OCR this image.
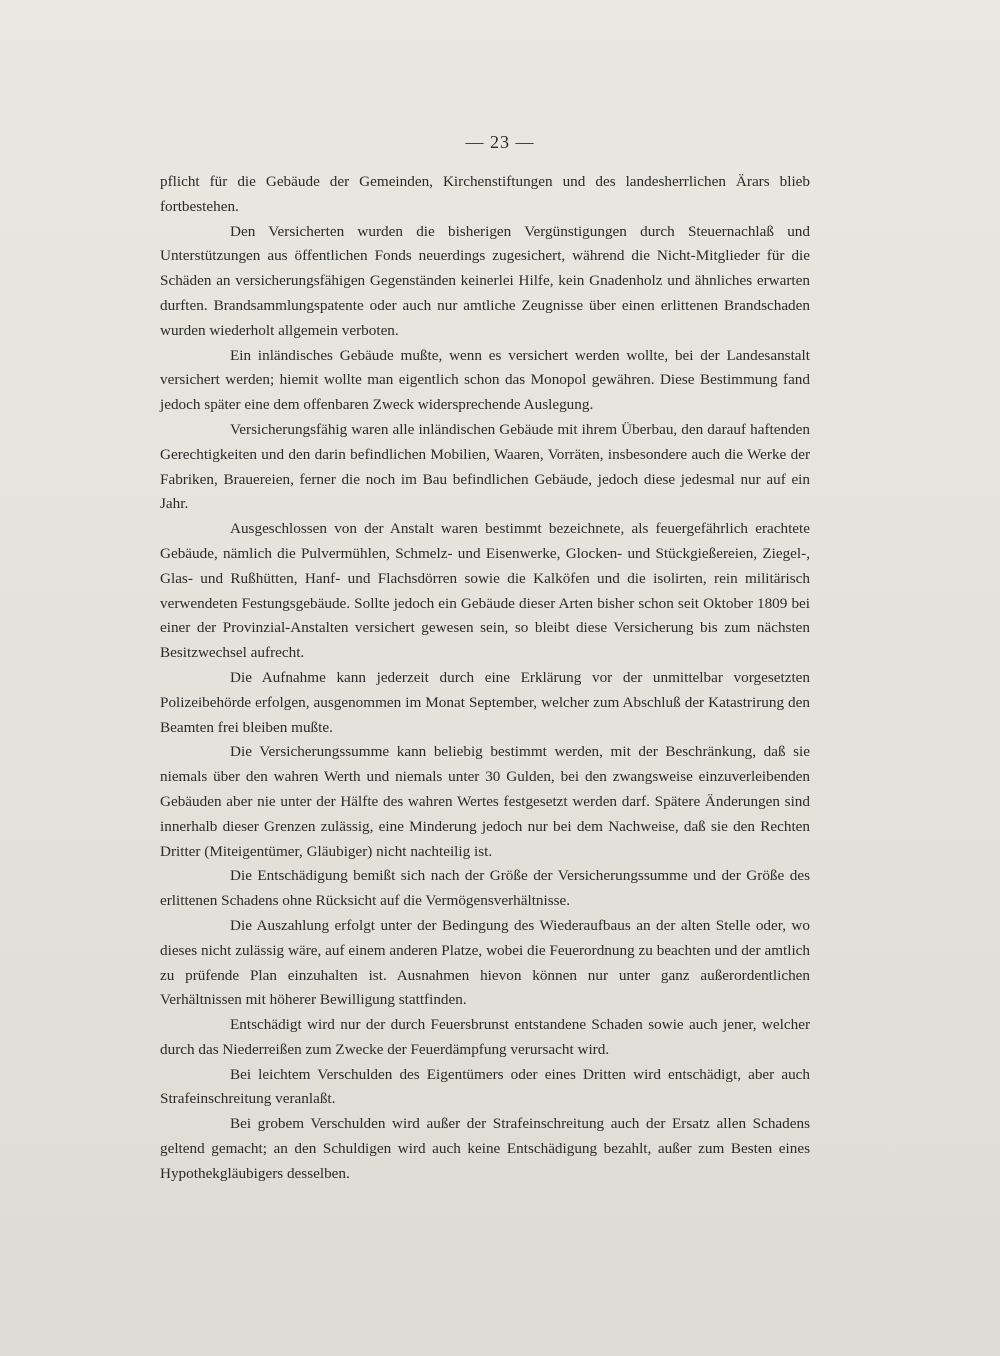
— 23 —

pflicht für die Gebäude der Gemeinden, Kirchenstiftungen und des landesherrlichen Ärars blieb fortbestehen.

Den Versicherten wurden die bisherigen Vergünstigungen durch Steuernachlaß und Unterstützungen aus öffentlichen Fonds neuerdings zugesichert, während die Nicht-Mitglieder für die Schäden an versicherungsfähigen Gegenständen keinerlei Hilfe, kein Gnadenholz und ähnliches erwarten durften. Brandsammlungspatente oder auch nur amtliche Zeugnisse über einen erlittenen Brandschaden wurden wiederholt allgemein verboten.

Ein inländisches Gebäude mußte, wenn es versichert werden wollte, bei der Landesanstalt versichert werden; hiemit wollte man eigentlich schon das Monopol gewähren. Diese Bestimmung fand jedoch später eine dem offenbaren Zweck widersprechende Auslegung.

Versicherungsfähig waren alle inländischen Gebäude mit ihrem Überbau, den darauf haftenden Gerechtigkeiten und den darin befindlichen Mobilien, Waaren, Vorräten, insbesondere auch die Werke der Fabriken, Brauereien, ferner die noch im Bau befindlichen Gebäude, jedoch diese jedesmal nur auf ein Jahr.

Ausgeschlossen von der Anstalt waren bestimmt bezeichnete, als feuergefährlich erachtete Gebäude, nämlich die Pulvermühlen, Schmelz- und Eisenwerke, Glocken- und Stückgießereien, Ziegel-, Glas- und Rußhütten, Hanf- und Flachsdörren sowie die Kalköfen und die isolirten, rein militärisch verwendeten Festungsgebäude. Sollte jedoch ein Gebäude dieser Arten bisher schon seit Oktober 1809 bei einer der Provinzial-Anstalten versichert gewesen sein, so bleibt diese Versicherung bis zum nächsten Besitzwechsel aufrecht.

Die Aufnahme kann jederzeit durch eine Erklärung vor der unmittelbar vorgesetzten Polizeibehörde erfolgen, ausgenommen im Monat September, welcher zum Abschluß der Katastrirung den Beamten frei bleiben mußte.

Die Versicherungssumme kann beliebig bestimmt werden, mit der Beschränkung, daß sie niemals über den wahren Werth und niemals unter 30 Gulden, bei den zwangsweise einzuverleibenden Gebäuden aber nie unter der Hälfte des wahren Wertes festgesetzt werden darf. Spätere Änderungen sind innerhalb dieser Grenzen zulässig, eine Minderung jedoch nur bei dem Nachweise, daß sie den Rechten Dritter (Miteigentümer, Gläubiger) nicht nachteilig ist.

Die Entschädigung bemißt sich nach der Größe der Versicherungssumme und der Größe des erlittenen Schadens ohne Rücksicht auf die Vermögensverhältnisse.

Die Auszahlung erfolgt unter der Bedingung des Wiederaufbaus an der alten Stelle oder, wo dieses nicht zulässig wäre, auf einem anderen Platze, wobei die Feuerordnung zu beachten und der amtlich zu prüfende Plan einzuhalten ist. Ausnahmen hievon können nur unter ganz außerordentlichen Verhältnissen mit höherer Bewilligung stattfinden.

Entschädigt wird nur der durch Feuersbrunst entstandene Schaden sowie auch jener, welcher durch das Niederreißen zum Zwecke der Feuerdämpfung verursacht wird.

Bei leichtem Verschulden des Eigentümers oder eines Dritten wird entschädigt, aber auch Strafeinschreitung veranlaßt.

Bei grobem Verschulden wird außer der Strafeinschreitung auch der Ersatz allen Schadens geltend gemacht; an den Schuldigen wird auch keine Entschädigung bezahlt, außer zum Besten eines Hypothekgläubigers desselben.
